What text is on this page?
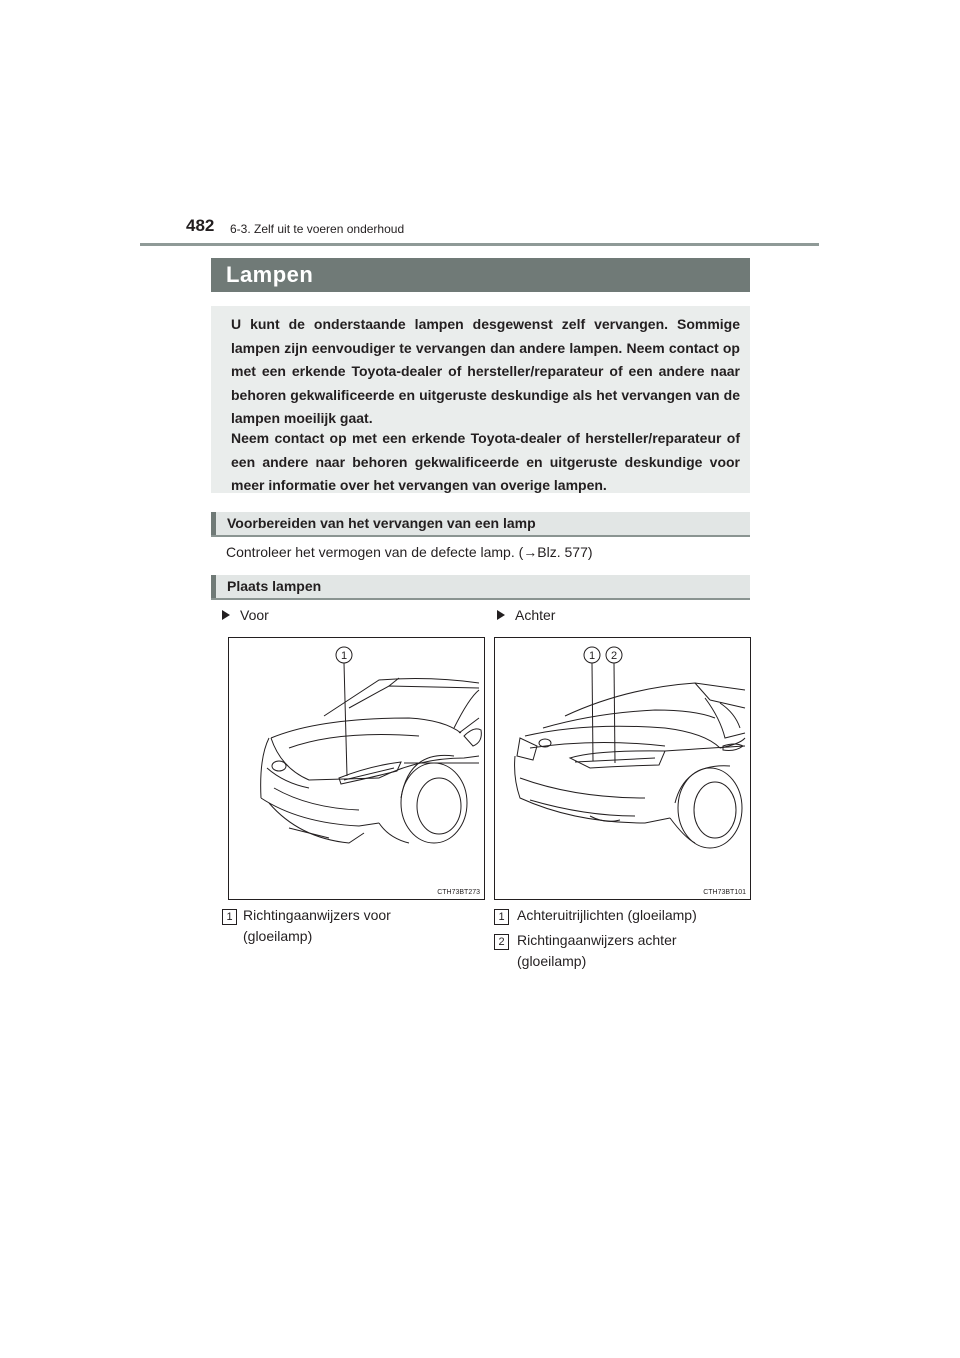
482 6-3. Zelf uit te voeren onderhoud
Lampen
U kunt de onderstaande lampen desgewenst zelf vervangen. Sommige lampen zijn eenvoudiger te vervangen dan andere lampen. Neem contact op met een erkende Toyota-dealer of hersteller/reparateur of een andere naar behoren gekwalificeerde en uitgeruste deskundige als het vervangen van de lampen moeilijk gaat.
Neem contact op met een erkende Toyota-dealer of hersteller/reparateur of een andere naar behoren gekwalificeerde en uitgeruste deskundige voor meer informatie over het vervangen van overige lampen.
Voorbereiden van het vervangen van een lamp
Controleer het vermogen van de defecte lamp. (→Blz. 577)
Plaats lampen
Voor	Achter
1
CTH73BT273
1 2
CTH73BT101
1 Richtingaanwijzers voor (gloeilamp)
1 Achteruitrijlichten (gloeilamp)
2 Richtingaanwijzers achter (gloeilamp)
